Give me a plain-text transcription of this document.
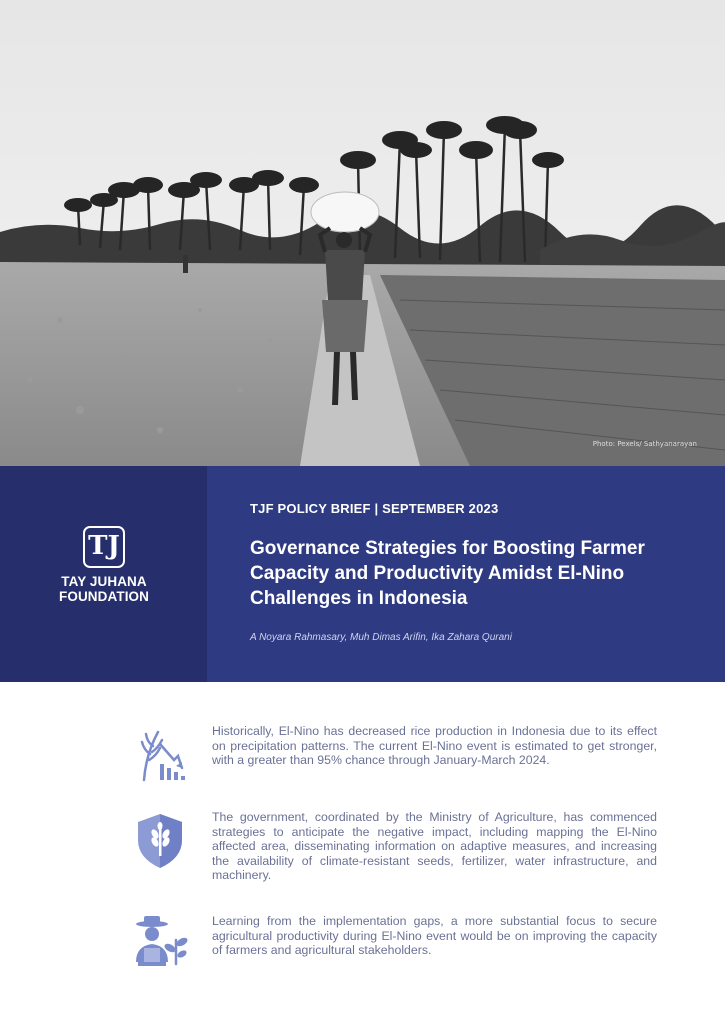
Photo: Pexels/ Sathyanarayan
TJ
TAY JUHANA
FOUNDATION
TJF POLICY BRIEF | SEPTEMBER 2023
Governance Strategies for Boosting Farmer Capacity and Productivity Amidst El-Nino Challenges in Indonesia
A Noyara Rahmasary, Muh Dimas Arifin, Ika Zahara Qurani
Historically, El-Nino has decreased rice production in Indonesia due to its effect on precipitation patterns. The current El-Nino event is estimated to get stronger, with a greater than 95% chance through January-March 2024.
The government, coordinated by the Ministry of Agriculture, has commenced strategies to anticipate the negative impact, including mapping the El-Nino affected area, disseminating information on adaptive measures, and increasing the availability of climate-resistant seeds, fertilizer, water infrastructure, and machinery.
Learning from the implementation gaps, a more substantial focus to secure agricultural productivity during El-Nino event would be on improving the capacity of farmers and agricultural stakeholders.
